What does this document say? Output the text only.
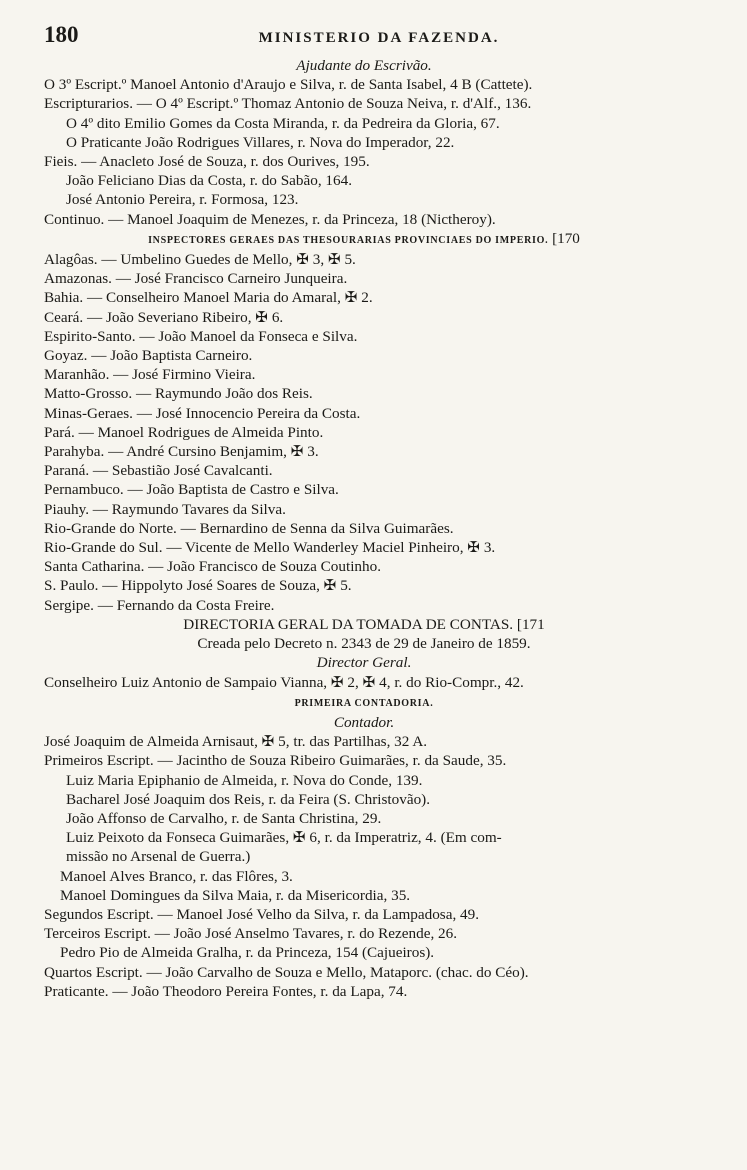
180	MINISTERIO DA FAZENDA.
Ajudante do Escrivão.
O 3º Escript.º Manoel Antonio d'Araujo e Silva, r. de Santa Isabel, 4 B (Cattete).
Escripturarios. — O 4º Escript.º Thomaz Antonio de Souza Neiva, r. d'Alf., 136.
O 4º dito Emilio Gomes da Costa Miranda, r. da Pedreira da Gloria, 67.
O Praticante João Rodrigues Villares, r. Nova do Imperador, 22.
Fieis. — Anacleto José de Souza, r. dos Ourives, 195.
João Feliciano Dias da Costa, r. do Sabão, 164.
José Antonio Pereira, r. Formosa, 123.
Continuo. — Manoel Joaquim de Menezes, r. da Princeza, 18 (Nictheroy).
INSPECTORES GERAES DAS THESOURARIAS PROVINCIAES DO IMPERIO. [170
Alagôas. — Umbelino Guedes de Mello, ✠ 3, ✠ 5.
Amazonas. — José Francisco Carneiro Junqueira.
Bahia. — Conselheiro Manoel Maria do Amaral, ✠ 2.
Ceará. — João Severiano Ribeiro, ✠ 6.
Espirito-Santo. — João Manoel da Fonseca e Silva.
Goyaz. — João Baptista Carneiro.
Maranhão. — José Firmino Vieira.
Matto-Grosso. — Raymundo João dos Reis.
Minas-Geraes. — José Innocencio Pereira da Costa.
Pará. — Manoel Rodrigues de Almeida Pinto.
Parahyba. — André Cursino Benjamim, ✠ 3.
Paraná. — Sebastião José Cavalcanti.
Pernambuco. — João Baptista de Castro e Silva.
Piauhy. — Raymundo Tavares da Silva.
Rio-Grande do Norte. — Bernardino de Senna da Silva Guimarães.
Rio-Grande do Sul. — Vicente de Mello Wanderley Maciel Pinheiro, ✠ 3.
Santa Catharina. — João Francisco de Souza Coutinho.
S. Paulo. — Hippolyto José Soares de Souza, ✠ 5.
Sergipe. — Fernando da Costa Freire.
DIRECTORIA GERAL DA TOMADA DE CONTAS. [171
Creada pelo Decreto n. 2343 de 29 de Janeiro de 1859.
Director Geral.
Conselheiro Luiz Antonio de Sampaio Vianna, ✠ 2, ✠ 4, r. do Rio-Compr., 42.
PRIMEIRA CONTADORIA.
Contador.
José Joaquim de Almeida Arnisaut, ✠ 5, tr. das Partilhas, 32 A.
Primeiros Escript. — Jacintho de Souza Ribeiro Guimarães, r. da Saude, 35.
Luiz Maria Epiphanio de Almeida, r. Nova do Conde, 139.
Bacharel José Joaquim dos Reis, r. da Feira (S. Christovão).
João Affonso de Carvalho, r. de Santa Christina, 29.
Luiz Peixoto da Fonseca Guimarães, ✠ 6, r. da Imperatriz, 4. (Em com-
missão no Arsenal de Guerra.)
Manoel Alves Branco, r. das Flôres, 3.
Manoel Domingues da Silva Maia, r. da Misericordia, 35.
Segundos Escript. — Manoel José Velho da Silva, r. da Lampadosa, 49.
Terceiros Escript. — João José Anselmo Tavares, r. do Rezende, 26.
Pedro Pio de Almeida Gralha, r. da Princeza, 154 (Cajueiros).
Quartos Escript. — João Carvalho de Souza e Mello, Mataporc. (chac. do Céo).
Praticante. — João Theodoro Pereira Fontes, r. da Lapa, 74.
